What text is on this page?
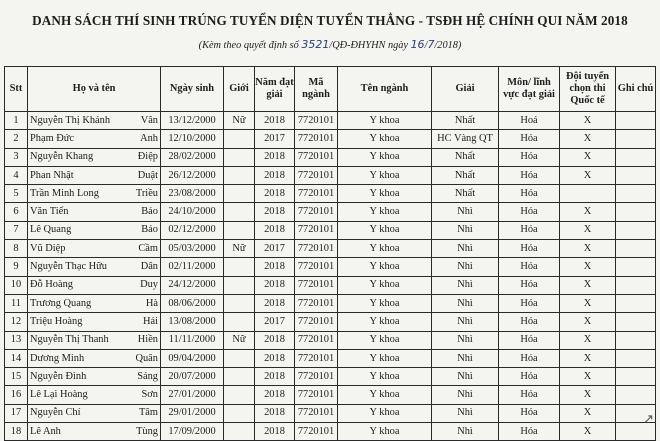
DANH SÁCH THÍ SINH TRÚNG TUYỂN DIỆN TUYỂN THẲNG - TSĐH HỆ CHÍNH QUI NĂM 2018
(Kèm theo quyết định số 3521/QĐ-ĐHYHN ngày 16/7/2018)
Stt	Họ và tên		Ngày sinh	Giới	Năm đạt giải	Mã ngành	Tên ngành	Giải	Môn/ lĩnh vực đạt giải	Đội tuyển chọn thi Quốc tế	Ghi chú
1	Nguyễn Thị Khánh	Vân	13/12/2000	Nữ	2018	7720101	Y khoa	Nhất	Hoá	X	
2	Phạm Đức	Anh	12/10/2000		2017	7720101	Y khoa	HC Vàng QT	Hóa	X	
3	Nguyễn Khang	Điệp	28/02/2000		2018	7720101	Y khoa	Nhất	Hóa	X	
4	Phan Nhật	Duật	26/12/2000		2018	7720101	Y khoa	Nhất	Hóa	X	
5	Trần Minh Long	Triều	23/08/2000		2018	7720101	Y khoa	Nhất	Hóa		
6	Văn Tiến	Bảo	24/10/2000		2018	7720101	Y khoa	Nhì	Hóa	X	
7	Lê Quang	Bảo	02/12/2000		2018	7720101	Y khoa	Nhì	Hóa	X	
8	Vũ Diệp	Cầm	05/03/2000	Nữ	2017	7720101	Y khoa	Nhì	Hóa	X	
9	Nguyễn Thạc Hữu	Dân	02/11/2000		2018	7720101	Y khoa	Nhì	Hóa	X	
10	Đỗ Hoàng	Duy	24/12/2000		2018	7720101	Y khoa	Nhì	Hóa	X	
11	Trương Quang	Hà	08/06/2000		2018	7720101	Y khoa	Nhì	Hóa	X	
12	Triệu Hoàng	Hải	13/08/2000		2017	7720101	Y khoa	Nhì	Hóa	X	
13	Nguyễn Thị Thanh	Hiền	11/11/2000	Nữ	2018	7720101	Y khoa	Nhì	Hóa	X	
14	Dương Minh	Quân	09/04/2000		2018	7720101	Y khoa	Nhì	Hóa	X	
15	Nguyễn Đình	Sáng	20/07/2000		2018	7720101	Y khoa	Nhì	Hóa	X	
16	Lê Lại Hoàng	Sơn	27/01/2000		2018	7720101	Y khoa	Nhì	Hóa	X	
17	Nguyễn Chí	Tâm	29/01/2000		2018	7720101	Y khoa	Nhì	Hóa	X	
18	Lê Anh	Tùng	17/09/2000		2018	7720101	Y khoa	Nhì	Hóa	X	
↗
